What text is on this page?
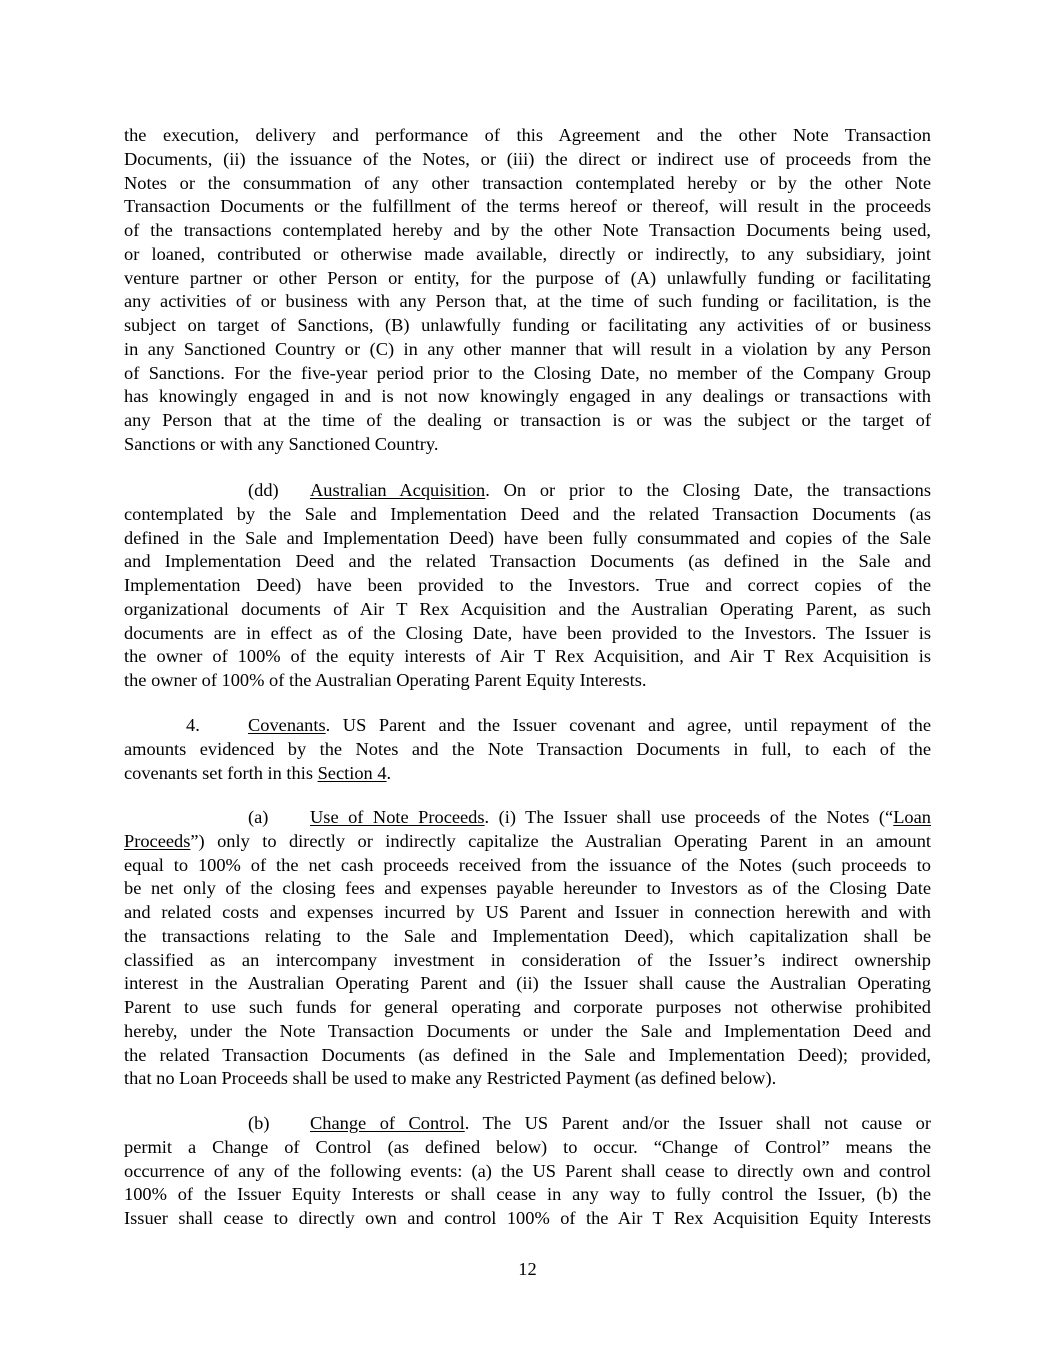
the execution, delivery and performance of this Agreement and the other Note Transaction
Documents, (ii) the issuance of the Notes, or (iii) the direct or indirect use of proceeds from the
Notes or the consummation of any other transaction contemplated hereby or by the other Note
Transaction Documents or the fulfillment of the terms hereof or thereof, will result in the proceeds
of the transactions contemplated hereby and by the other Note Transaction Documents being used,
or loaned, contributed or otherwise made available, directly or indirectly, to any subsidiary, joint
venture partner or other Person or entity, for the purpose of (A) unlawfully funding or facilitating
any activities of or business with any Person that, at the time of such funding or facilitation, is the
subject on target of Sanctions, (B) unlawfully funding or facilitating any activities of or business
in any Sanctioned Country or (C) in any other manner that will result in a violation by any Person
of Sanctions. For the five-year period prior to the Closing Date, no member of the Company Group
has knowingly engaged in and is not now knowingly engaged in any dealings or transactions with
any Person that at the time of the dealing or transaction is or was the subject or the target of
Sanctions or with any Sanctioned Country.
(dd) Australian Acquisition. On or prior to the Closing Date, the transactions
contemplated by the Sale and Implementation Deed and the related Transaction Documents (as
defined in the Sale and Implementation Deed) have been fully consummated and copies of the Sale
and Implementation Deed and the related Transaction Documents (as defined in the Sale and
Implementation Deed) have been provided to the Investors. True and correct copies of the
organizational documents of Air T Rex Acquisition and the Australian Operating Parent, as such
documents are in effect as of the Closing Date, have been provided to the Investors. The Issuer is
the owner of 100% of the equity interests of Air T Rex Acquisition, and Air T Rex Acquisition is
the owner of 100% of the Australian Operating Parent Equity Interests.
4.	Covenants. US Parent and the Issuer covenant and agree, until repayment of the
amounts evidenced by the Notes and the Note Transaction Documents in full, to each of the
covenants set forth in this Section 4.
(a) Use of Note Proceeds. (i) The Issuer shall use proceeds of the Notes (“Loan
Proceeds”) only to directly or indirectly capitalize the Australian Operating Parent in an amount
equal to 100% of the net cash proceeds received from the issuance of the Notes (such proceeds to
be net only of the closing fees and expenses payable hereunder to Investors as of the Closing Date
and related costs and expenses incurred by US Parent and Issuer in connection herewith and with
the transactions relating to the Sale and Implementation Deed), which capitalization shall be
classified as an intercompany investment in consideration of the Issuer’s indirect ownership
interest in the Australian Operating Parent and (ii) the Issuer shall cause the Australian Operating
Parent to use such funds for general operating and corporate purposes not otherwise prohibited
hereby, under the Note Transaction Documents or under the Sale and Implementation Deed and
the related Transaction Documents (as defined in the Sale and Implementation Deed); provided,
that no Loan Proceeds shall be used to make any Restricted Payment (as defined below).
(b) Change of Control. The US Parent and/or the Issuer shall not cause or
permit a Change of Control (as defined below) to occur. “Change of Control” means the
occurrence of any of the following events: (a) the US Parent shall cease to directly own and control
100% of the Issuer Equity Interests or shall cease in any way to fully control the Issuer, (b) the
Issuer shall cease to directly own and control 100% of the Air T Rex Acquisition Equity Interests
12
